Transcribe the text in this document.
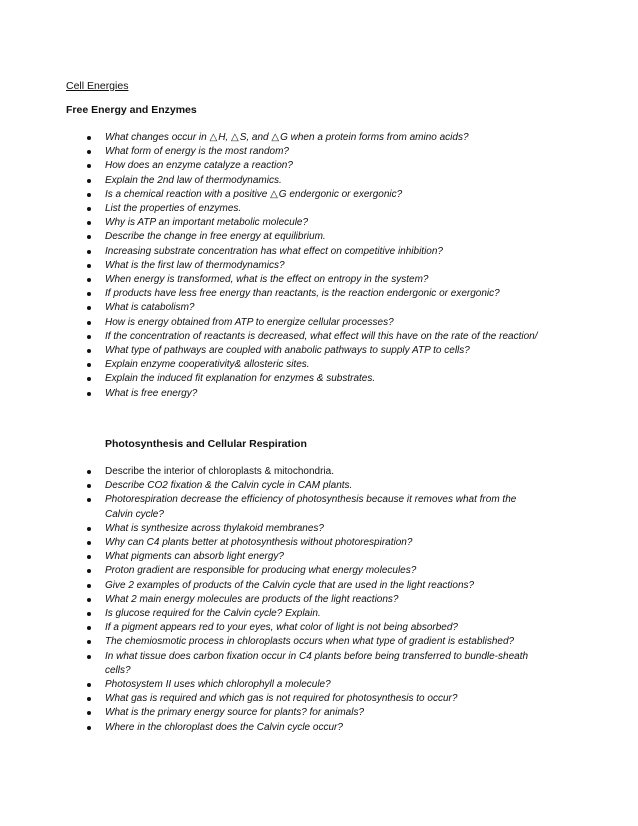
Cell Energies
Free Energy and Enzymes
What changes occur in △H, △S, and △G when a protein forms from amino acids?
What form of energy is the most random?
How does an enzyme catalyze a reaction?
Explain the 2nd law of thermodynamics.
Is a chemical reaction with a positive △G endergonic or exergonic?
List the properties of enzymes.
Why is ATP an important metabolic molecule?
Describe the change in free energy at equilibrium.
Increasing substrate concentration has what effect on competitive inhibition?
What is the first law of thermodynamics?
When energy is transformed, what is the effect on entropy in the system?
If products have less free energy than reactants, is the reaction endergonic or exergonic?
What is catabolism?
How is energy obtained from ATP to energize cellular processes?
If the concentration of reactants is decreased, what effect will this have on the rate of the reaction/
What type of pathways are coupled with anabolic pathways to supply ATP to cells?
Explain enzyme cooperativity& allosteric sites.
Explain the induced fit explanation for enzymes & substrates.
What is free energy?
Photosynthesis and Cellular Respiration
Describe the interior of chloroplasts & mitochondria.
Describe CO2 fixation & the Calvin cycle in CAM plants.
Photorespiration decrease the efficiency of photosynthesis because it removes what from the Calvin cycle?
What is synthesize across thylakoid membranes?
Why can C4 plants better at photosynthesis without photorespiration?
What pigments can absorb light energy?
Proton gradient are responsible for producing what energy molecules?
Give 2 examples of products of the Calvin cycle that are used in the light reactions?
What 2 main energy molecules are products of the light reactions?
Is glucose required for the Calvin cycle? Explain.
If a pigment appears red to your eyes, what color of light is not being absorbed?
The chemiosmotic process in chloroplasts occurs when what type of gradient is established?
In what tissue does carbon fixation occur in C4 plants before being transferred to bundle-sheath cells?
Photosystem II uses which chlorophyll a molecule?
What gas is required and which gas is not required for photosynthesis to occur?
What is the primary energy source for plants? for animals?
Where in the chloroplast does the Calvin cycle occur?
